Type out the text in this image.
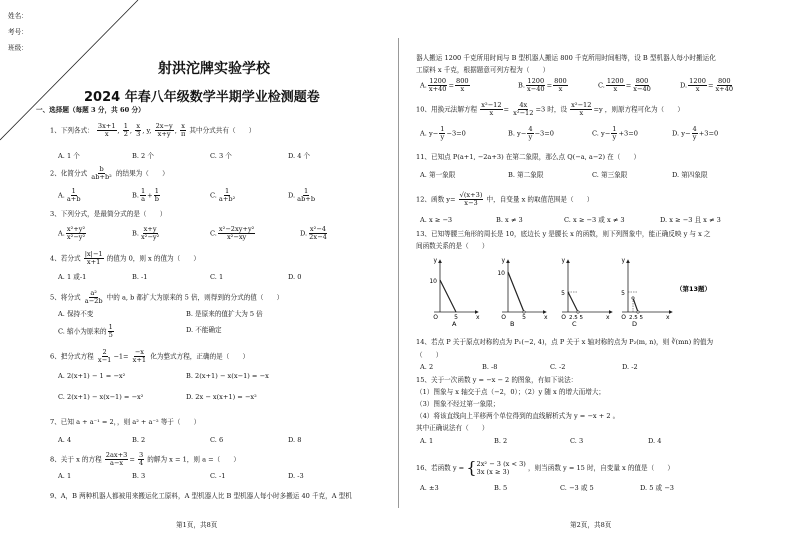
姓名：
考号：
班级：
射洪沱牌实验学校
2024 年春八年级数学半期学业检测题卷
一、选择题（每题 3 分，共 60 分）
1、下列各式： $\frac{3x+1}{x}$ , $\frac{1}{2}$ , $\frac{x}{3}$ , y, $\frac{2x-y}{x+y}$ , $\frac{x}{\pi}$ 其中分式共有（　　）
A. 1 个	B. 2 个	C. 3 个	D. 4 个
2、化简分式 $\frac{b}{\text{ab+b²}}$ 的结果为（　　）
A. $\frac{1}{a+b}$	B. $\frac{1}{a} + \frac{1}{b}$	C. $\frac{1}{\text{a+b²}}$	D. $\frac{1}{ab+b}$
3、下列分式，是最简分式的是（　　）
A. $\frac{\text{x²+y²}}{\text{x²−y²}}$	B. $\frac{x+y}{\text{x²−y²}}$	C. $\frac{\text{x²−2xy+y²}}{\text{x²−xy}}$	D. $\frac{\text{x²−4}}{2x-4}$
4、若分式 $\frac{|x|-1}{x+1}$ 的值为 0，则 x 的值为（　　）
A. 1 或-1	B. -1	C. 1	D. 0
5、将分式 $\frac{\text{a²}}{a-2b}$ 中的 a, b 都扩大为原来的 5 倍，则得到的分式的值（　　）
A. 保持不变	B. 是原来的值扩大为 5 倍
C. 缩小为原来的 $\frac{1}{5}$	D. 不能确定
6、把分式方程 $\frac{2}{x-1} -1= \frac{-x}{x+1}$ 化为整式方程，正确的是（　　）
A. 2(x+1) − 1 = −x²	B. 2(x+1) − x(x−1) = −x
C. 2(x+1) − x(x−1) = −x²	D. 2x − x(x+1) = −x²
7、已知 a + a⁻¹ = 2，，则 a² + a⁻² 等于（　　）
A. 4	B. 2	C. 6	D. 8
8、关于 x 的方程 $\frac{2ax+3}{a-x} = \frac{3}{4}$ 的解为 x = 1，则 a =（　　）
A. 1	B. 3	C. -1	D. -3
9、A，B 两种机器人都被用来搬运化工原料，A 型机器人比 B 型机器人每小时多搬运 40 千克，A 型机
第1页，共8页
器人搬运 1200 千克所用时间与 B 型机器人搬运 800 千克所用时间相等，设 B 型机器人每小时搬运化
工原料 x 千克，根据题意可列方程为（　　）
A. $\frac{1200}{x+40} = \frac{800}{x}$	B. $\frac{1200}{x-40} = \frac{800}{x}$	C. $\frac{1200}{x} = \frac{800}{x-40}$	D. $\frac{1200}{x} = \frac{800}{x+40}$
10、用换元法解方程 $\frac{\text{x²−12}}{x} = \frac{4x}{\text{x²−12}} =3$ 时，设 $\frac{\text{x²−12}}{x} =y$ ，则原方程可化为（　　）
A. $y- \frac{1}{y} -3=0$	B. $y- \frac{4}{y} -3=0$	C. $y- \frac{1}{y} +3=0$	D. $y- \frac{4}{y} +3=0$
11、已知点 P(a+1, −2a+3) 在第二象限，那么点 Q(−a, a−2) 在（　　）
A. 第一象限	B. 第二象限	C. 第三象限	D. 第四象限
12、函数 $y= \frac{√(x+3)}{x-3}$ 中，自变量 x 的取值范围是（　　）
A. x ≥ −3	B. x ≠ 3	C. x ≥ −3 或 x ≠ 3	D. x ≥ −3 且 x ≠ 3
13、已知等腰三角形的周长是 10，底边长 y 是腰长 x 的函数，则下列图象中，能正确反映 y 与 x 之
间函数关系的是（　　）
y
10
O	5	x
A
y
10
O	5	x
B
y
5
O 2.5 5	x
C
y
5
O 2.5 5	x
D
（第13题）
14、若点 P 关于原点对称的点为 P₁(−2, 4)，点 P 关于 x 轴对称的点为 P₂(m, n)，则 ∛(mn) 的值为
（　　）
A. 2	B. -8	C. -2	D. -2
15、关于一次函数 y = −x − 2 的图象，有如下说法：
（1）图象与 x 轴交于点（−2，0）；（2）y 随 x 的增大而增大；
（3）图象不经过第一象限；
（4）将该直线向上平移两个单位得到的直线解析式为 y = −x + 2 。
其中正确说法有（　　）
A. 1	B. 2	C. 3	D. 4
16、若函数 y = { 2x² − 3 (x < 3)
3x (x ≥ 3)	，则当函数 y = 15 时，自变量 x 的值是（　　）
A. ±3	B. 5	C. −3 或 5	D. 5 或 −3
第2页，共8页
